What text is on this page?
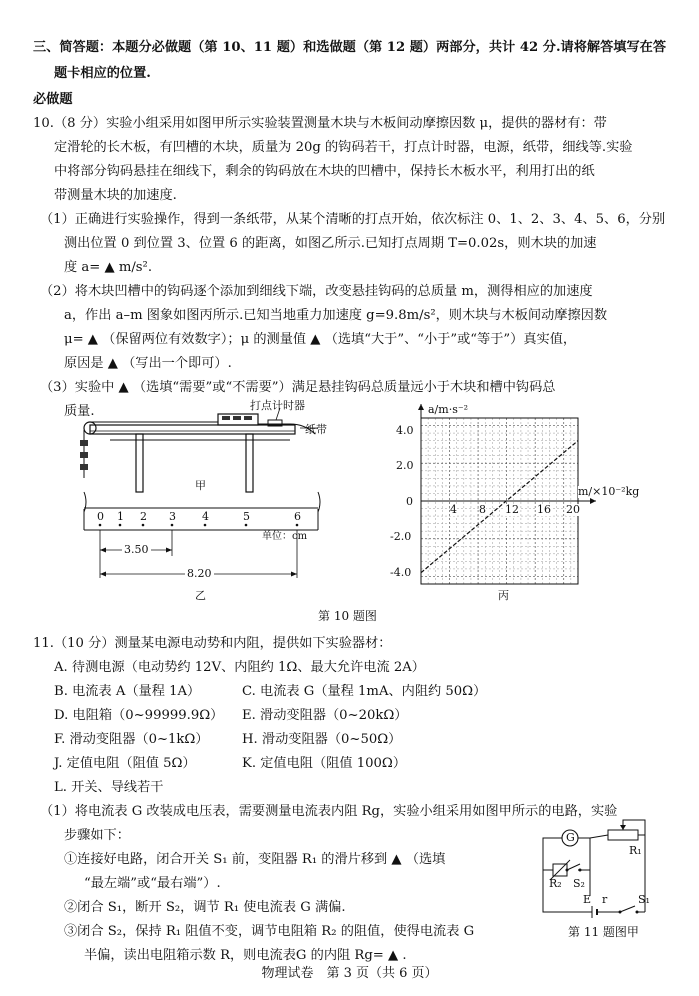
三、简答题：本题分必做题（第 10、11 题）和选做题（第 12 题）两部分，共计 42 分.请将解答填写在答
题卡相应的位置.
必做题
10.（8 分）实验小组采用如图甲所示实验装置测量木块与木板间动摩擦因数 μ，提供的器材有：带
定滑轮的长木板，有凹槽的木块，质量为 20g 的钩码若干，打点计时器，电源，纸带，细线等.实验
中将部分钩码悬挂在细线下，剩余的钩码放在木块的凹槽中，保持长木板水平，利用打出的纸
带测量木块的加速度.
（1）正确进行实验操作，得到一条纸带，从某个清晰的打点开始，依次标注 0、1、2、3、4、5、6，分别
测出位置 0 到位置 3、位置 6 的距离，如图乙所示.已知打点周期 T=0.02s，则木块的加速
度 a= ▲ m/s².
（2）将木块凹槽中的钩码逐个添加到细线下端，改变悬挂钩码的总质量 m，测得相应的加速度
a，作出 a–m 图象如图丙所示.已知当地重力加速度 g=9.8m/s²，则木块与木板间动摩擦因数
μ= ▲ （保留两位有效数字）；μ 的测量值 ▲ （选填“大于”、“小于”或“等于”）真实值，
原因是 ▲ （写出一个即可）.
（3）实验中 ▲ （选填“需要”或“不需要”）满足悬挂钩码总质量远小于木块和槽中钩码总
质量.	打点计时器
纸带
甲
0 1 2 3 4	5	6
单位：cm
3.50
8.20
乙
a/m·s⁻²
m/×10⁻²kg
4.0
2.0
0
-2.0
-4.0
4 8 12 16 20
丙
第 10 题图
11.（10 分）测量某电源电动势和内阻，提供如下实验器材：
A. 待测电源（电动势约 12V、内阻约 1Ω、最大允许电流 2A）
B. 电流表 A（量程 1A）	C. 电流表 G（量程 1mA、内阻约 50Ω）
D. 电阻箱（0~99999.9Ω） E. 滑动变阻器（0~20kΩ）
F. 滑动变阻器（0~1kΩ）	H. 滑动变阻器（0~50Ω）
J. 定值电阻（阻值 5Ω）	K. 定值电阻（阻值 100Ω）
L. 开关、导线若干
（1）将电流表 G 改装成电压表，需要测量电流表内阻 Rg，实验小组采用如图甲所示的电路，实验
步骤如下：
①连接好电路，闭合开关 S₁ 前，变阻器 R₁ 的滑片移到 ▲ （选填
“最左端”或“最右端”）.
②闭合 S₁，断开 S₂，调节 R₁ 使电流表 G 满偏.
③闭合 S₂，保持 R₁ 阻值不变，调节电阻箱 R₂ 的阻值，使得电流表 G
半偏，读出电阻箱示数 R，则电流表G 的内阻 Rg= ▲ .
G
R₁
R₂ S₂
E r	S₁
第 11 题图甲
物理试卷　第 3 页（共 6 页）
